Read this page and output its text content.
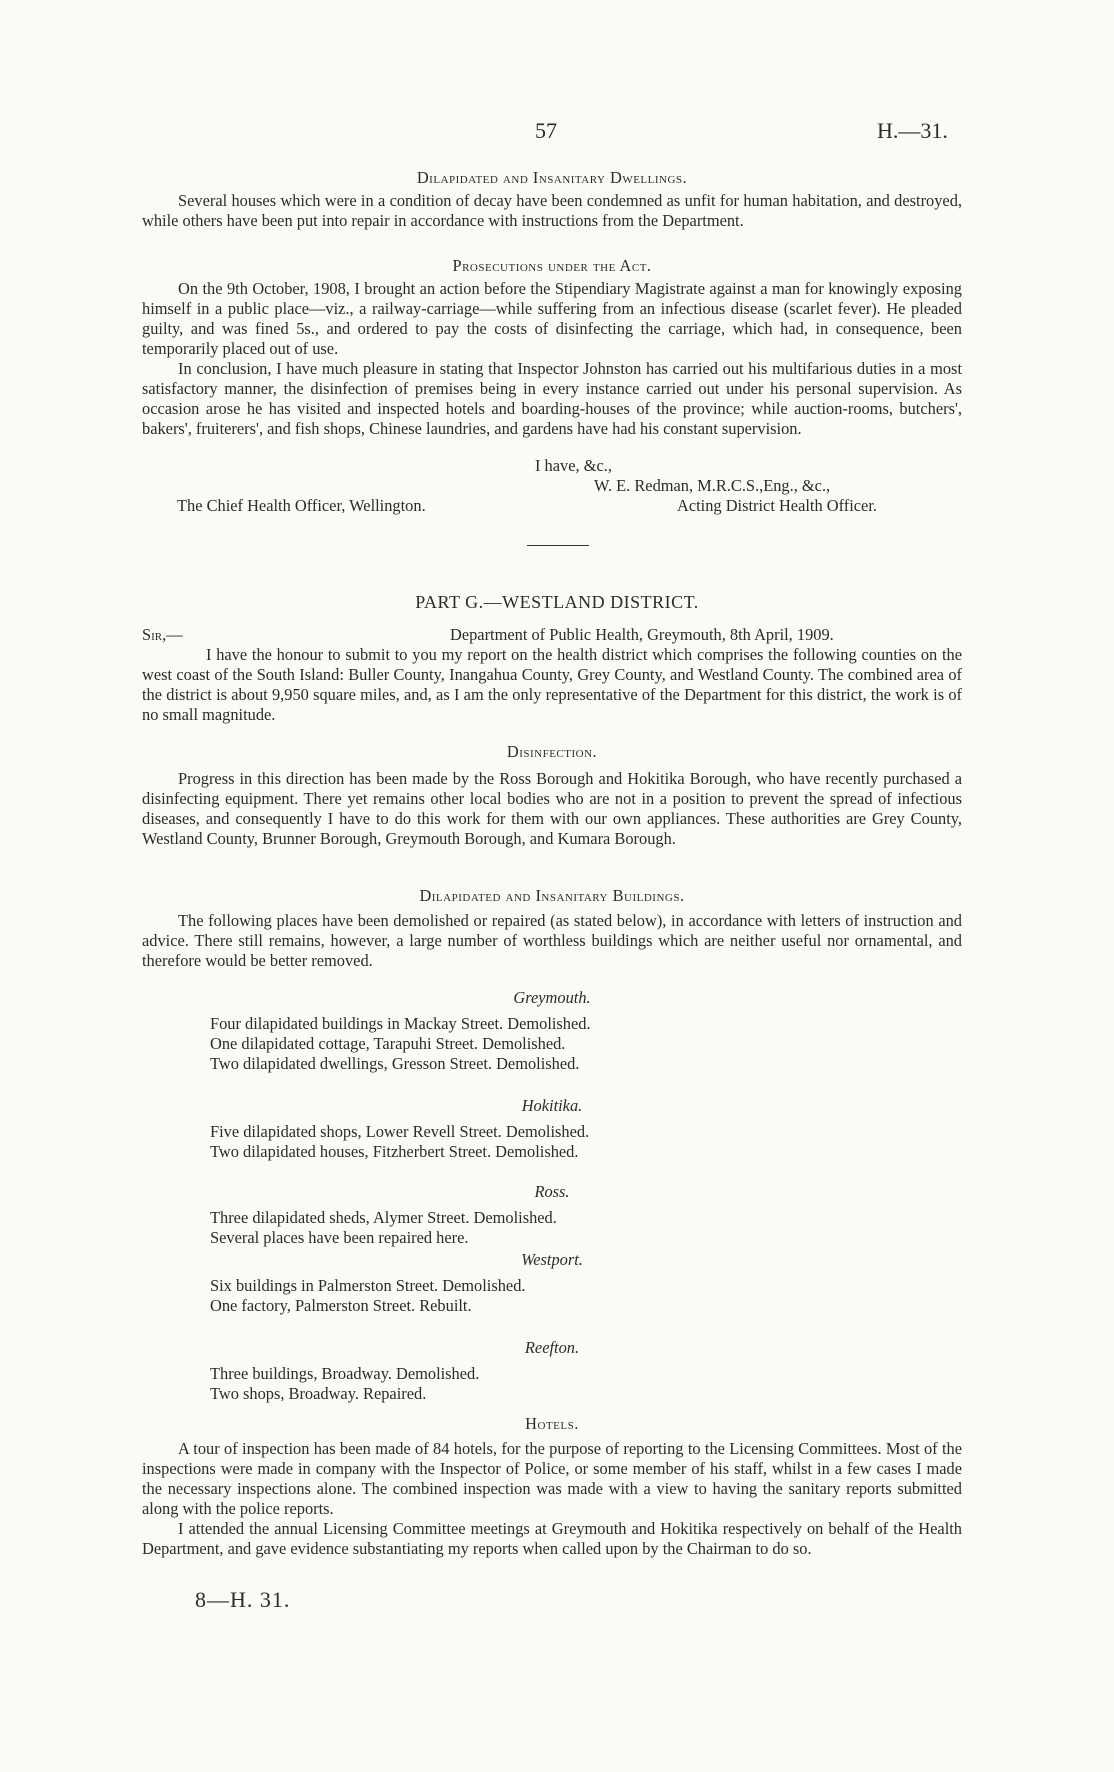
57	H.—31.

Dilapidated and Insanitary Dwellings.

Several houses which were in a condition of decay have been condemned as unfit for human habitation, and destroyed, while others have been put into repair in accordance with instructions from the Department.

Prosecutions under the Act.

On the 9th October, 1908, I brought an action before the Stipendiary Magistrate against a man for knowingly exposing himself in a public place—viz., a railway-carriage—while suffering from an infectious disease (scarlet fever). He pleaded guilty, and was fined 5s., and ordered to pay the costs of disinfecting the carriage, which had, in consequence, been temporarily placed out of use.

In conclusion, I have much pleasure in stating that Inspector Johnston has carried out his multifarious duties in a most satisfactory manner, the disinfection of premises being in every instance carried out under his personal supervision. As occasion arose he has visited and inspected hotels and boarding-houses of the province; while auction-rooms, butchers', bakers', fruiterers', and fish shops, Chinese laundries, and gardens have had his constant supervision.

I have, &c.,
W. E. Redman, M.R.C.S.,Eng., &c.,
The Chief Health Officer, Wellington.	Acting District Health Officer.
PART G.—WESTLAND DISTRICT.
Sir,—	Department of Public Health, Greymouth, 8th April, 1909.

I have the honour to submit to you my report on the health district which comprises the following counties on the west coast of the South Island: Buller County, Inangahua County, Grey County, and Westland County. The combined area of the district is about 9,950 square miles, and, as I am the only representative of the Department for this district, the work is of no small magnitude.

Disinfection.

Progress in this direction has been made by the Ross Borough and Hokitika Borough, who have recently purchased a disinfecting equipment. There yet remains other local bodies who are not in a position to prevent the spread of infectious diseases, and consequently I have to do this work for them with our own appliances. These authorities are Grey County, Westland County, Brunner Borough, Greymouth Borough, and Kumara Borough.

Dilapidated and Insanitary Buildings.

The following places have been demolished or repaired (as stated below), in accordance with letters of instruction and advice. There still remains, however, a large number of worthless buildings which are neither useful nor ornamental, and therefore would be better removed.

Greymouth.

Four dilapidated buildings in Mackay Street. Demolished.

One dilapidated cottage, Tarapuhi Street. Demolished.

Two dilapidated dwellings, Gresson Street. Demolished.

Hokitika.

Five dilapidated shops, Lower Revell Street. Demolished.

Two dilapidated houses, Fitzherbert Street. Demolished.

Ross.

Three dilapidated sheds, Alymer Street. Demolished.

Several places have been repaired here.

Westport.

Six buildings in Palmerston Street. Demolished.

One factory, Palmerston Street. Rebuilt.

Reefton.

Three buildings, Broadway. Demolished.

Two shops, Broadway. Repaired.

Hotels.

A tour of inspection has been made of 84 hotels, for the purpose of reporting to the Licensing Committees. Most of the inspections were made in company with the Inspector of Police, or some member of his staff, whilst in a few cases I made the necessary inspections alone. The combined inspection was made with a view to having the sanitary reports submitted along with the police reports.

I attended the annual Licensing Committee meetings at Greymouth and Hokitika respectively on behalf of the Health Department, and gave evidence substantiating my reports when called upon by the Chairman to do so.

8—H. 31.
